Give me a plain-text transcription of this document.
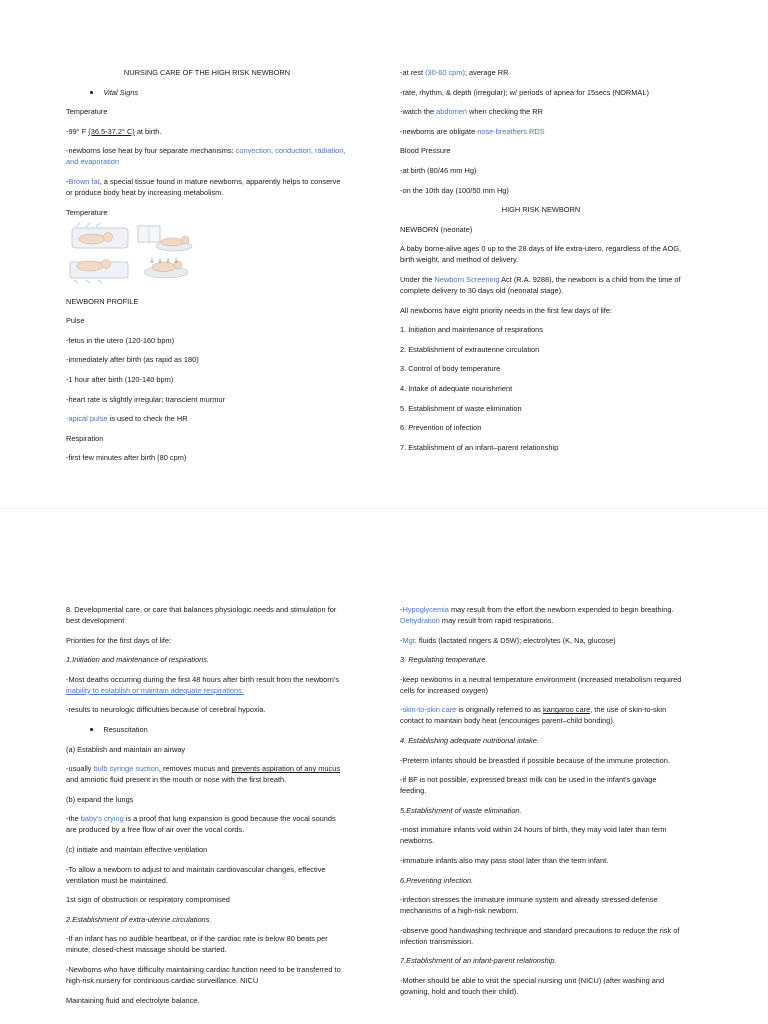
NURSING CARE OF THE HIGH RISK NEWBORN
Vital Signs
Temperature
-99° F (36.5-37.2° C) at birth.
-newborns lose heat by four separate mechanisms: convection, conduction, radiation, and evaporation
-Brown fat, a special tissue found in mature newborns, apparently helps to conserve or produce body heat by increasing metabolism.
Temperature
NEWBORN PROFILE
Pulse
-fetus in the utero (120-160 bpm)
-immediately after birth (as rapid as 180)
-1 hour after birth (120-140 bpm)
-heart rate is slightly irregular; transcient murmur
-apical pulse is used to check the HR
Respiration
-first few minutes after birth (80 cpm)
-at rest (30-60 cpm); average RR
-rate, rhythm, & depth (irregular); w/ periods of apnea for 15secs (NORMAL)
-watch the abdomen when checking the RR
-newborns are obligate nose-breathers RDS
Blood Pressure
-at birth (80/46 mm Hg)
-on the 10th day (100/50 mm Hg)
HIGH RISK NEWBORN
NEWBORN (neonate)
A baby borne-alive ages 0 up to the 28 days of life extra-utero, regardless of the AOG, birth weight, and method of delivery.
Under the Newborn Screening Act (R.A. 9288), the newborn is a child from the time of complete delivery to 30 days old (neonatal stage).
All newborns have eight priority needs in the first few days of life:
1. Initiation and maintenance of respirations
2. Establishment of extrauterine circulation
3. Control of body temperature
4. Intake of adequate nourishment
5. Establishment of waste elimination
6. Prevention of infection
7. Establishment of an infant–parent relationship
8. Developmental care, or care that balances physiologic needs and stimulation for best development
Priorities for the first days of life:
1.Initiation and maintenance of respirations.
-Most deaths occurring during the first 48 hours after birth result from the newborn's inability to establish or maintain adequate respirations.
-results to neurologic difficulties because of cerebral hypoxia.
Resuscitation
(a) Establish and maintain an airway
-usually bulb syringe suction, removes mucus and prevents aspiration of any mucus and amniotic fluid present in the mouth or nose with the first breath.
(b) expand the lungs
-the baby's crying is a proof that lung expansion is good because the vocal sounds are produced by a free flow of air over the vocal cords.
(c) initiate and maintain effective ventilation
-To allow a newborn to adjust to and maintain cardiovascular changes, effective ventilation must be maintained.
1st sign of obstruction or respiratory compromised
2.Establishment of extra-uterine circulations.
-If an infant has no audible heartbeat, or if the cardiac rate is below 80 beats per minute, closed-chest massage should be started.
-Newborns who have difficulty maintaining cardiac function need to be transferred to high-risk nursery for continuous cardiac surveillance. NICU
Maintaining fluid and electrolyte balance.
-Hypoglycemia may result from the effort the newborn expended to begin breathing. Dehydration may result from rapid respirations.
-Mgt: fluids (lactated ringers & D5W); electrolytes (K, Na, glucose)
3. Regulating temperature.
-keep newborns in a neutral temperature environment (increased metabolism required cells for increased oxygen)
-skin-to-skin care is originally referred to as kangaroo care, the use of skin-to-skin contact to maintain body heat (encourages parent–child bonding).
4. Establishing adequate nutritional intake.
-Preterm infants should be breastfed if possible because of the immune protection.
-if BF is not possible, expressed breast milk can be used in the infant's gavage feeding.
5.Establishment of waste elimination.
-most immature infants void within 24 hours of birth, they may void later than term newborns.
-immature infants also may pass stool later than the term infant.
6.Preventing infection.
-infection stresses the immature immune system and already stressed defense mechanisms of a high-risk newborn.
-observe good handwashing technique and standard precautions to reduce the risk of infection transmission.
7.Establishment of an infant-parent relationship.
-Mother should be able to visit the special nursing unit (NICU) (after washing and gowning, hold and touch their child).
